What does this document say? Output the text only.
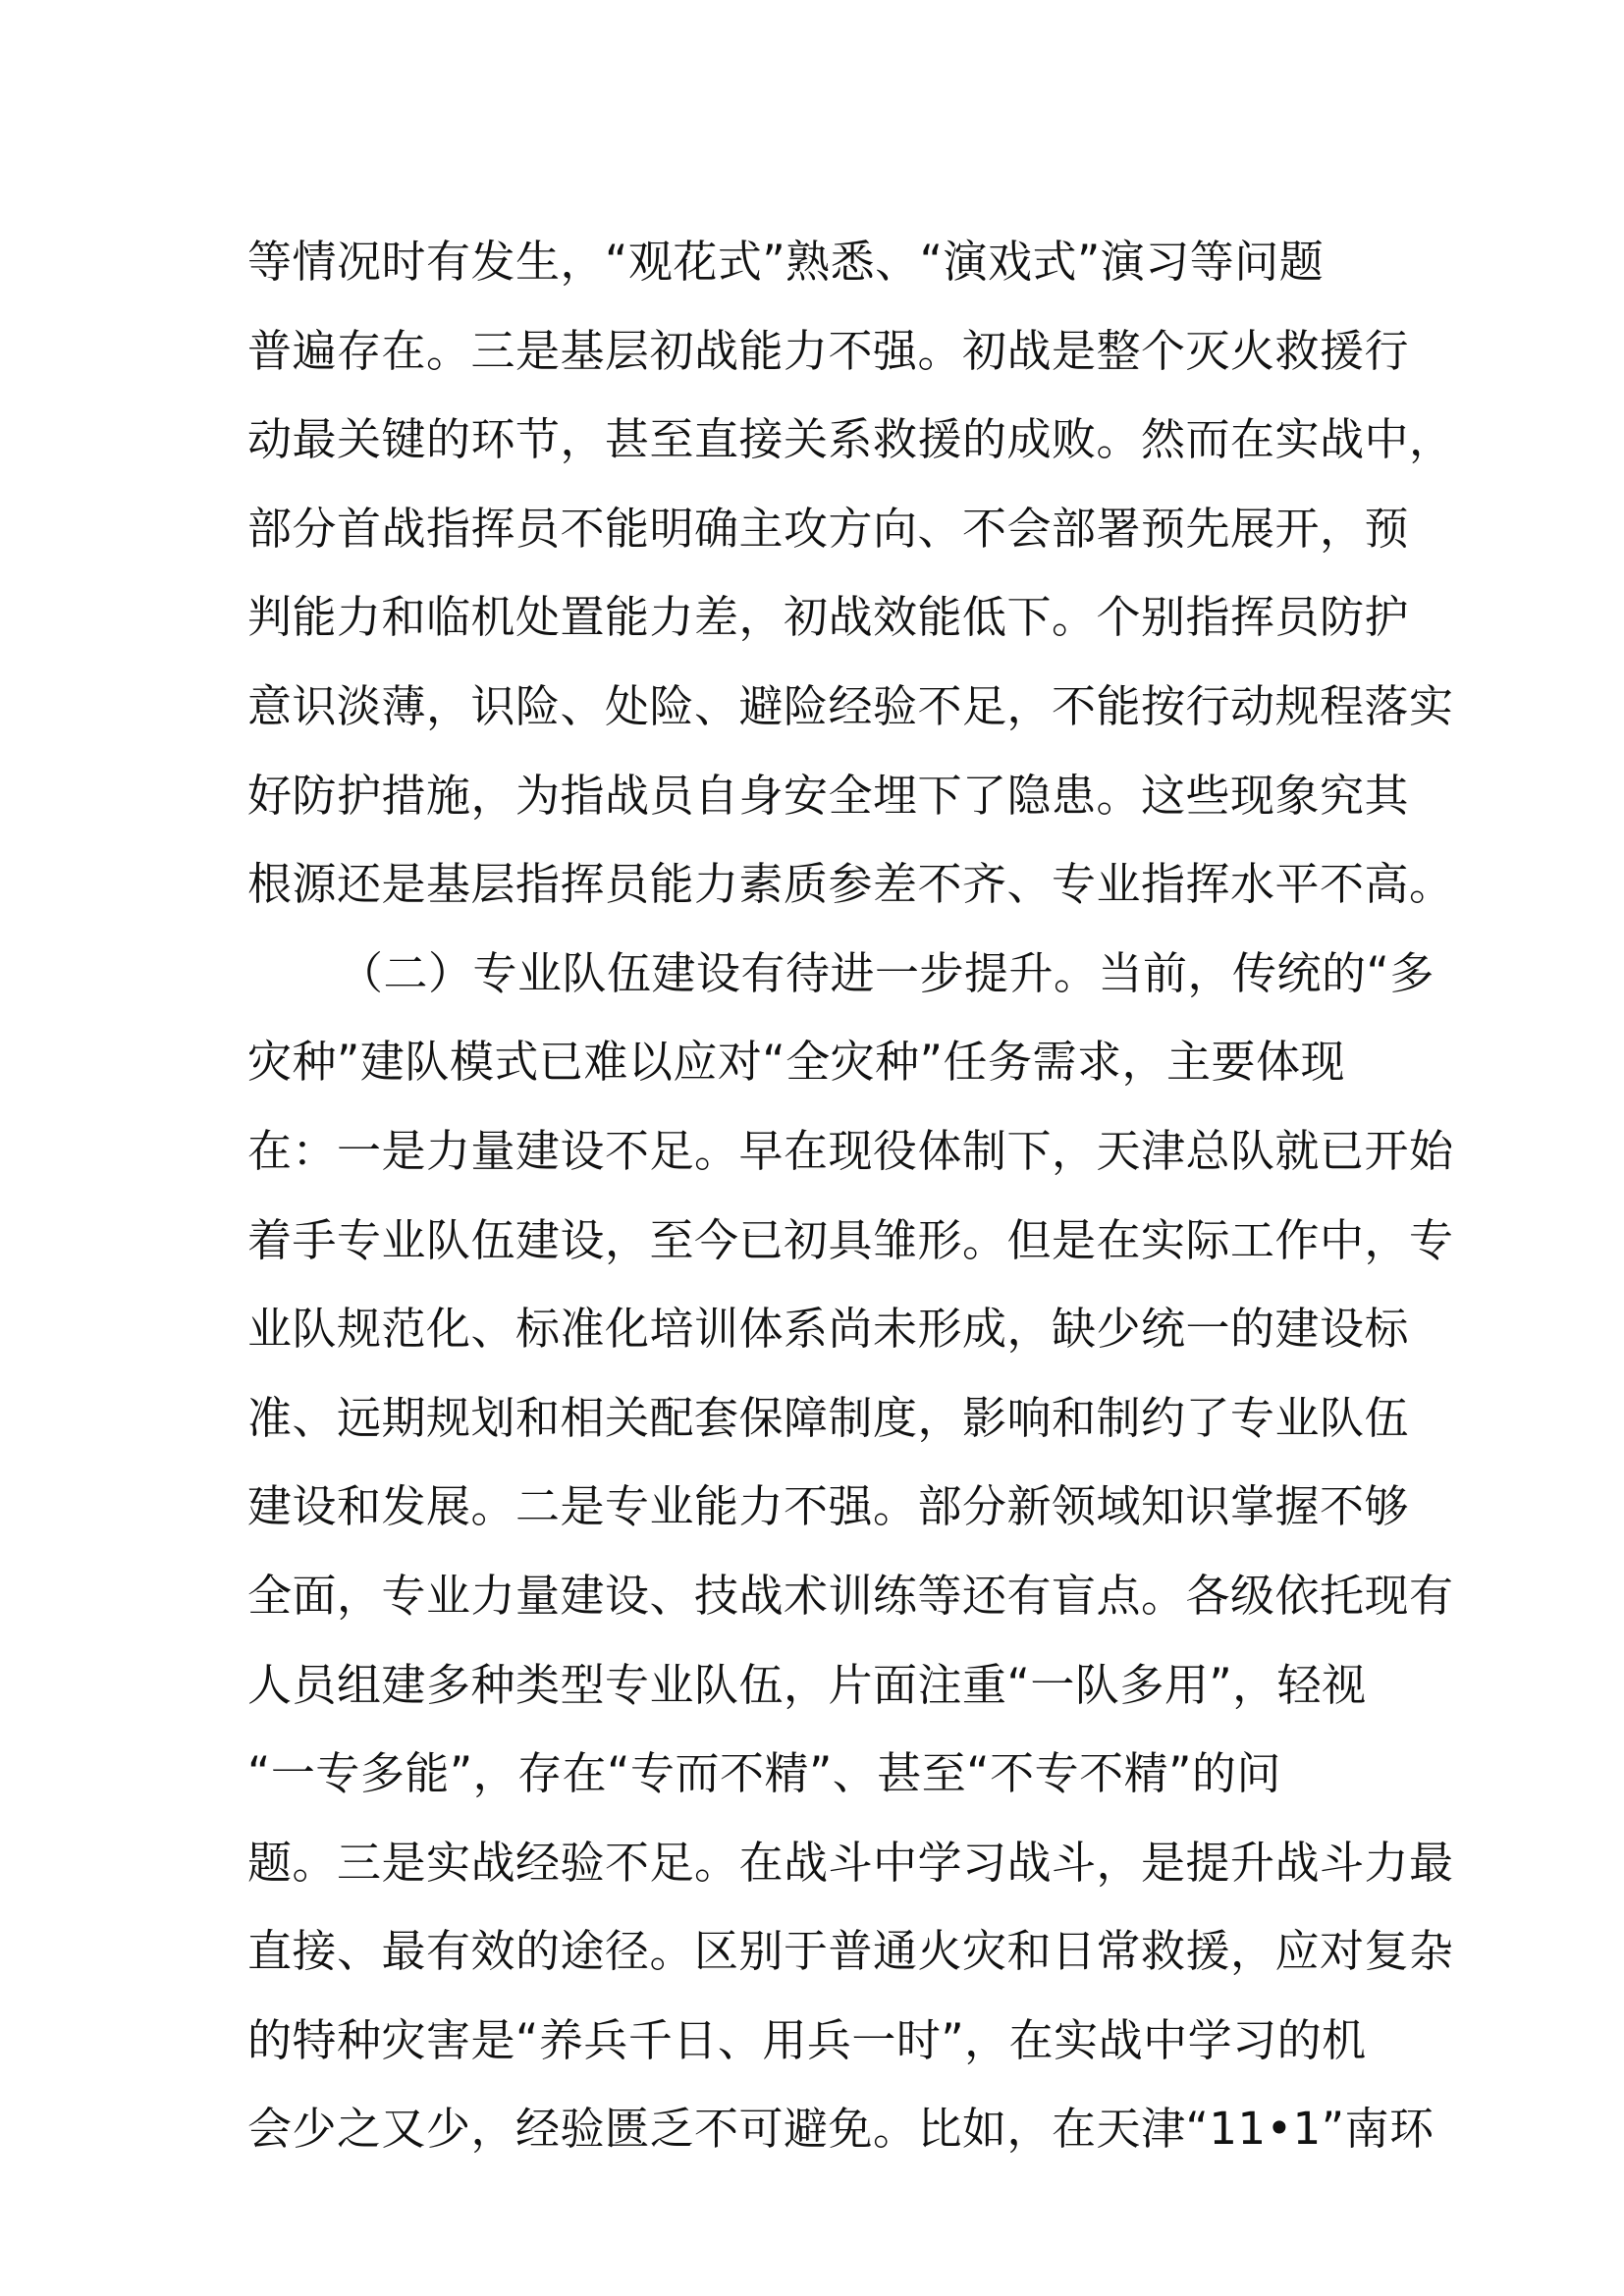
等情况时有发生，“观花式”熟悉、“演戏式”演习等问题
普遍存在。三是基层初战能力不强。初战是整个灭火救援行
动最关键的环节，甚至直接关系救援的成败。然而在实战中，
部分首战指挥员不能明确主攻方向、不会部署预先展开，预
判能力和临机处置能力差，初战效能低下。个别指挥员防护
意识淡薄，识险、处险、避险经验不足，不能按行动规程落实
好防护措施，为指战员自身安全埋下了隐患。这些现象究其
根源还是基层指挥员能力素质参差不齐、专业指挥水平不高。
（二）专业队伍建设有待进一步提升。当前，传统的“多
灾种”建队模式已难以应对“全灾种”任务需求，主要体现
在：一是力量建设不足。早在现役体制下，天津总队就已开始
着手专业队伍建设，至今已初具雏形。但是在实际工作中，专
业队规范化、标准化培训体系尚未形成，缺少统一的建设标
准、远期规划和相关配套保障制度，影响和制约了专业队伍
建设和发展。二是专业能力不强。部分新领域知识掌握不够
全面，专业力量建设、技战术训练等还有盲点。各级依托现有
人员组建多种类型专业队伍，片面注重“一队多用”，轻视
“一专多能”，存在“专而不精”、甚至“不专不精”的问
题。三是实战经验不足。在战斗中学习战斗，是提升战斗力最
直接、最有效的途径。区别于普通火灾和日常救援，应对复杂
的特种灾害是“养兵千日、用兵一时”，在实战中学习的机
会少之又少，经验匮乏不可避免。比如，在天津“11•1”南环
